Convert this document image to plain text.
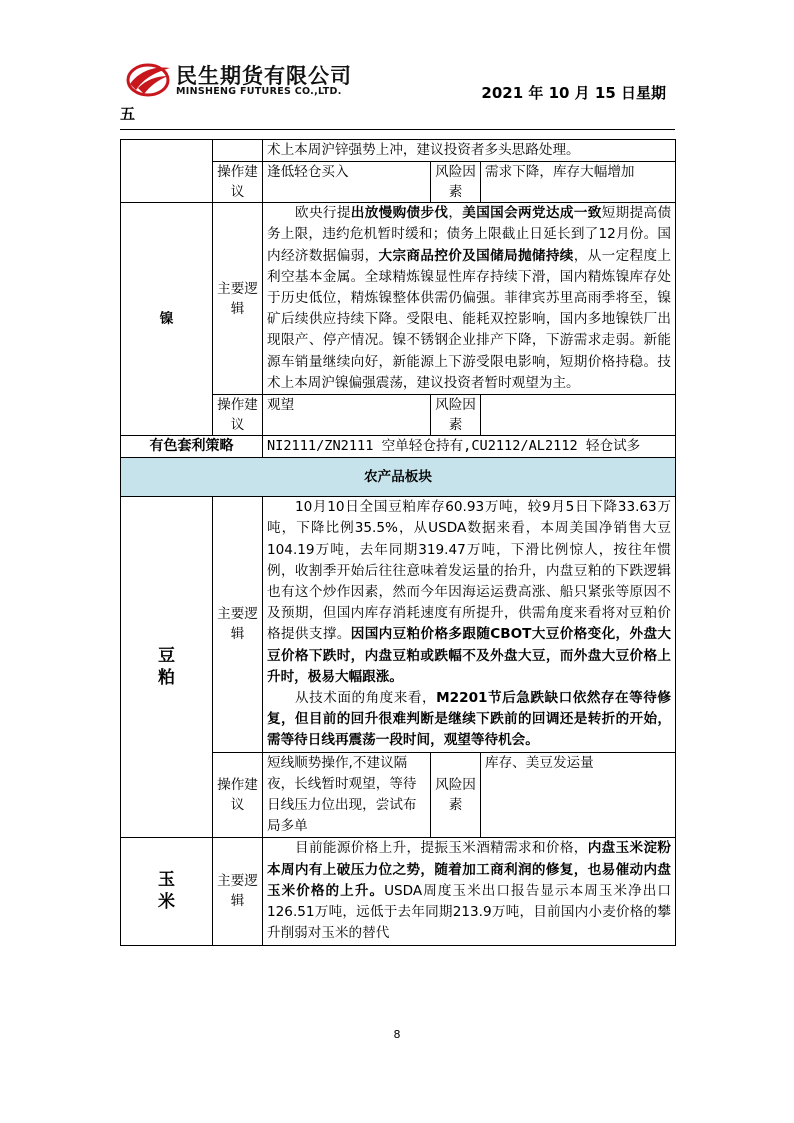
民生期货有限公司
MINSHENG FUTURES CO.,LTD.	2021 年 10 月 15 日星期
五
		术上本周沪锌强势上冲，建议投资者多头思路处理。		
	操作建议	逢低轻仓买入	风险因素	需求下降，库存大幅增加
镍	主要逻辑	欧央行提出放慢购债步伐，美国国会两党达成一致短期提高债务上限，违约危机暂时缓和；债务上限截止日延长到了12月份。国内经济数据偏弱，大宗商品控价及国储局抛储持续，从一定程度上利空基本金属。全球精炼镍显性库存持续下滑，国内精炼镍库存处于历史低位，精炼镍整体供需仍偏强。菲律宾苏里高雨季将至，镍矿后续供应持续下降。受限电、能耗双控影响，国内多地镍铁厂出现限产、停产情况。镍不锈钢企业排产下降，下游需求走弱。新能源车销量继续向好，新能源上下游受限电影响，短期价格持稳。技术上本周沪镍偏强震荡，建议投资者暂时观望为主。		
	操作建议	观望	风险因素	
有色套利策略		NI2111/ZN2111 空单轻仓持有,CU2112/AL2112 轻仓试多		
农产品板块				

豆粕	主要逻辑	10月10日全国豆粕库存60.93万吨，较9月5日下降33.63万吨，下降比例35.5%，从USDA数据来看，本周美国净销售大豆104.19万吨，去年同期319.47万吨，下滑比例惊人，按往年惯例，收割季开始后往往意味着发运量的抬升，内盘豆粕的下跌逻辑也有这个炒作因素，然而今年因海运运费高涨、船只紧张等原因不及预期，但国内库存消耗速度有所提升，供需角度来看将对豆粕价格提供支撑。因国内豆粕价格多跟随CBOT大豆价格变化，外盘大豆价格下跌时，内盘豆粕或跌幅不及外盘大豆，而外盘大豆价格上升时，极易大幅跟涨。
从技术面的角度来看，M2201节后急跌缺口依然存在等待修复，但目前的回升很难判断是继续下跌前的回调还是转折的开始，需等待日线再震荡一段时间，观望等待机会。		

	操作建议	短线顺势操作,不建议隔夜，长线暂时观望，等待日线压力位出现，尝试布局多单	风险因素	库存、美豆发运量

玉米	主要逻辑	目前能源价格上升，提振玉米酒精需求和价格，内盘玉米淀粉本周内有上破压力位之势，随着加工商利润的修复，也易催动内盘玉米价格的上升。USDA周度玉米出口报告显示本周玉米净出口126.51万吨，远低于去年同期213.9万吨，目前国内小麦价格的攀升削弱对玉米的替代		
8
